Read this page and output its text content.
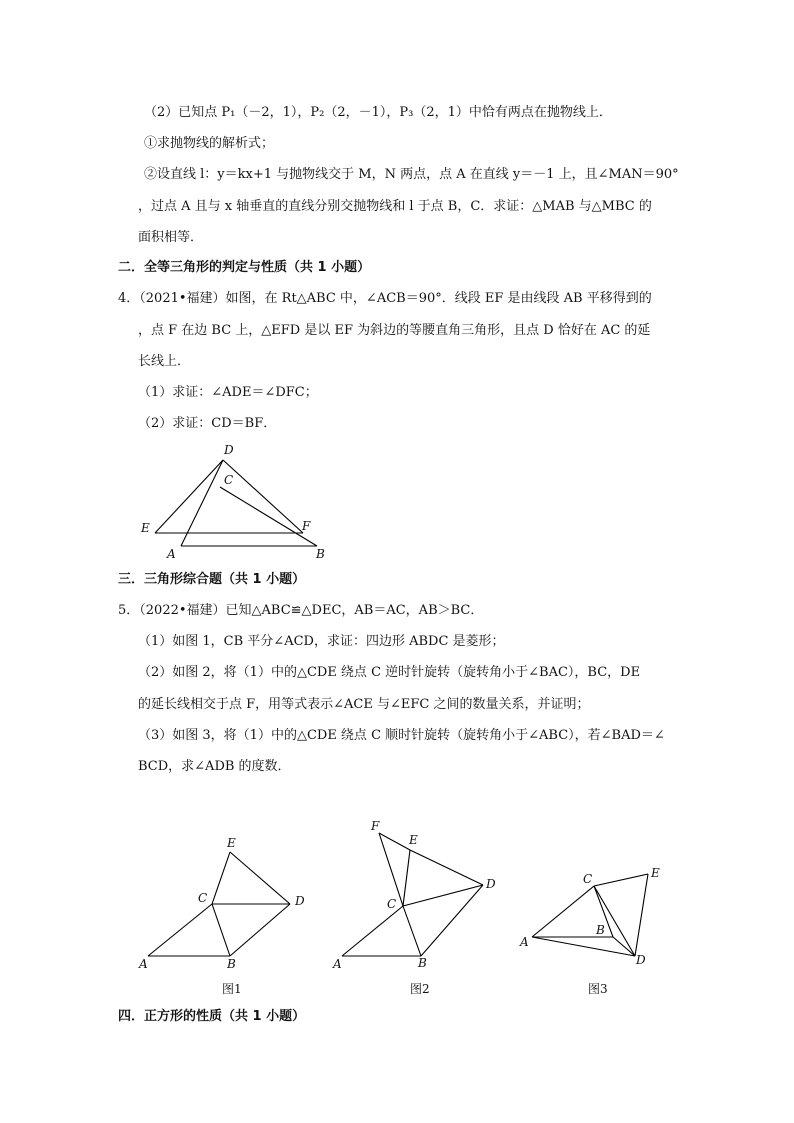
（2）已知点 P₁（－2，1），P₂（2，－1），P₃（2，1）中恰有两点在抛物线上．
①求抛物线的解析式；
②设直线 l：y＝kx+1 与抛物线交于 M，N 两点，点 A 在直线 y＝－1 上，且∠MAN＝90°
，过点 A 且与 x 轴垂直的直线分别交抛物线和 l 于点 B，C．求证：△MAB 与△MBC 的
面积相等．
二．全等三角形的判定与性质（共 1 小题）
4．（2021•福建）如图，在 Rt△ABC 中，∠ACB＝90°．线段 EF 是由线段 AB 平移得到的
，点 F 在边 BC 上，△EFD 是以 EF 为斜边的等腰直角三角形，且点 D 恰好在 AC 的延
长线上．
（1）求证：∠ADE＝∠DFC；
（2）求证：CD＝BF．
D
C
E	F
A	B
三．三角形综合题（共 1 小题）
5．（2022•福建）已知△ABC≌△DEC，AB＝AC，AB＞BC．
（1）如图 1，CB 平分∠ACD，求证：四边形 ABDC 是菱形；
（2）如图 2，将（1）中的△CDE 绕点 C 逆时针旋转（旋转角小于∠BAC），BC，DE
的延长线相交于点 F，用等式表示∠ACE 与∠EFC 之间的数量关系，并证明；
（3）如图 3，将（1）中的△CDE 绕点 C 顺时针旋转（旋转角小于∠ABC），若∠BAD＝∠
BCD，求∠ADB 的度数．
E
C	D
A	B
图1
F
E
D
C
A	B
图2
C	E
A
B
D
图3
四．正方形的性质（共 1 小题）
